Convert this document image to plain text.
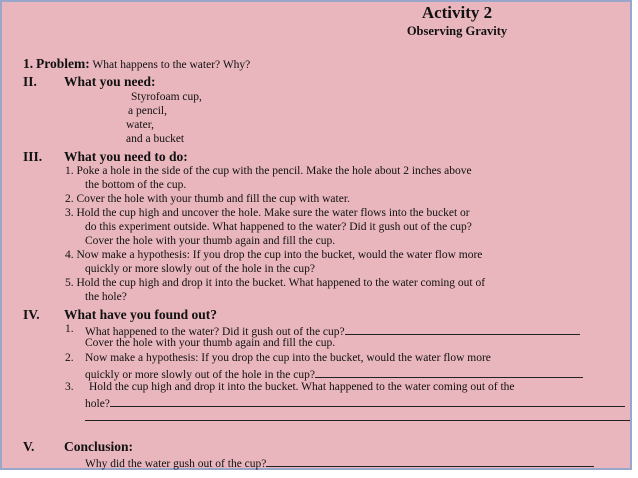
Activity 2
Observing Gravity
1. Problem: What happens to the water? Why?
II. What you need:
Styrofoam cup,
a pencil,
water,
and a bucket
III. What you need to do:
1. Poke a hole in the side of the cup with the pencil. Make the hole about 2 inches above
the bottom of the cup.
2. Cover the hole with your thumb and fill the cup with water.
3. Hold the cup high and uncover the hole. Make sure the water flows into the bucket or
do this experiment outside. What happened to the water? Did it gush out of the cup?
Cover the hole with your thumb again and fill the cup.
4. Now make a hypothesis: If you drop the cup into the bucket, would the water flow more
quickly or more slowly out of the hole in the cup?
5. Hold the cup high and drop it into the bucket. What happened to the water coming out of
the hole?
IV. What have you found out?
1. What happened to the water? Did it gush out of the cup?
Cover the hole with your thumb again and fill the cup.
2. Now make a hypothesis: If you drop the cup into the bucket, would the water flow more
quickly or more slowly out of the hole in the cup?
3. Hold the cup high and drop it into the bucket. What happened to the water coming out of the
hole?
V. Conclusion:
Why did the water gush out of the cup?
